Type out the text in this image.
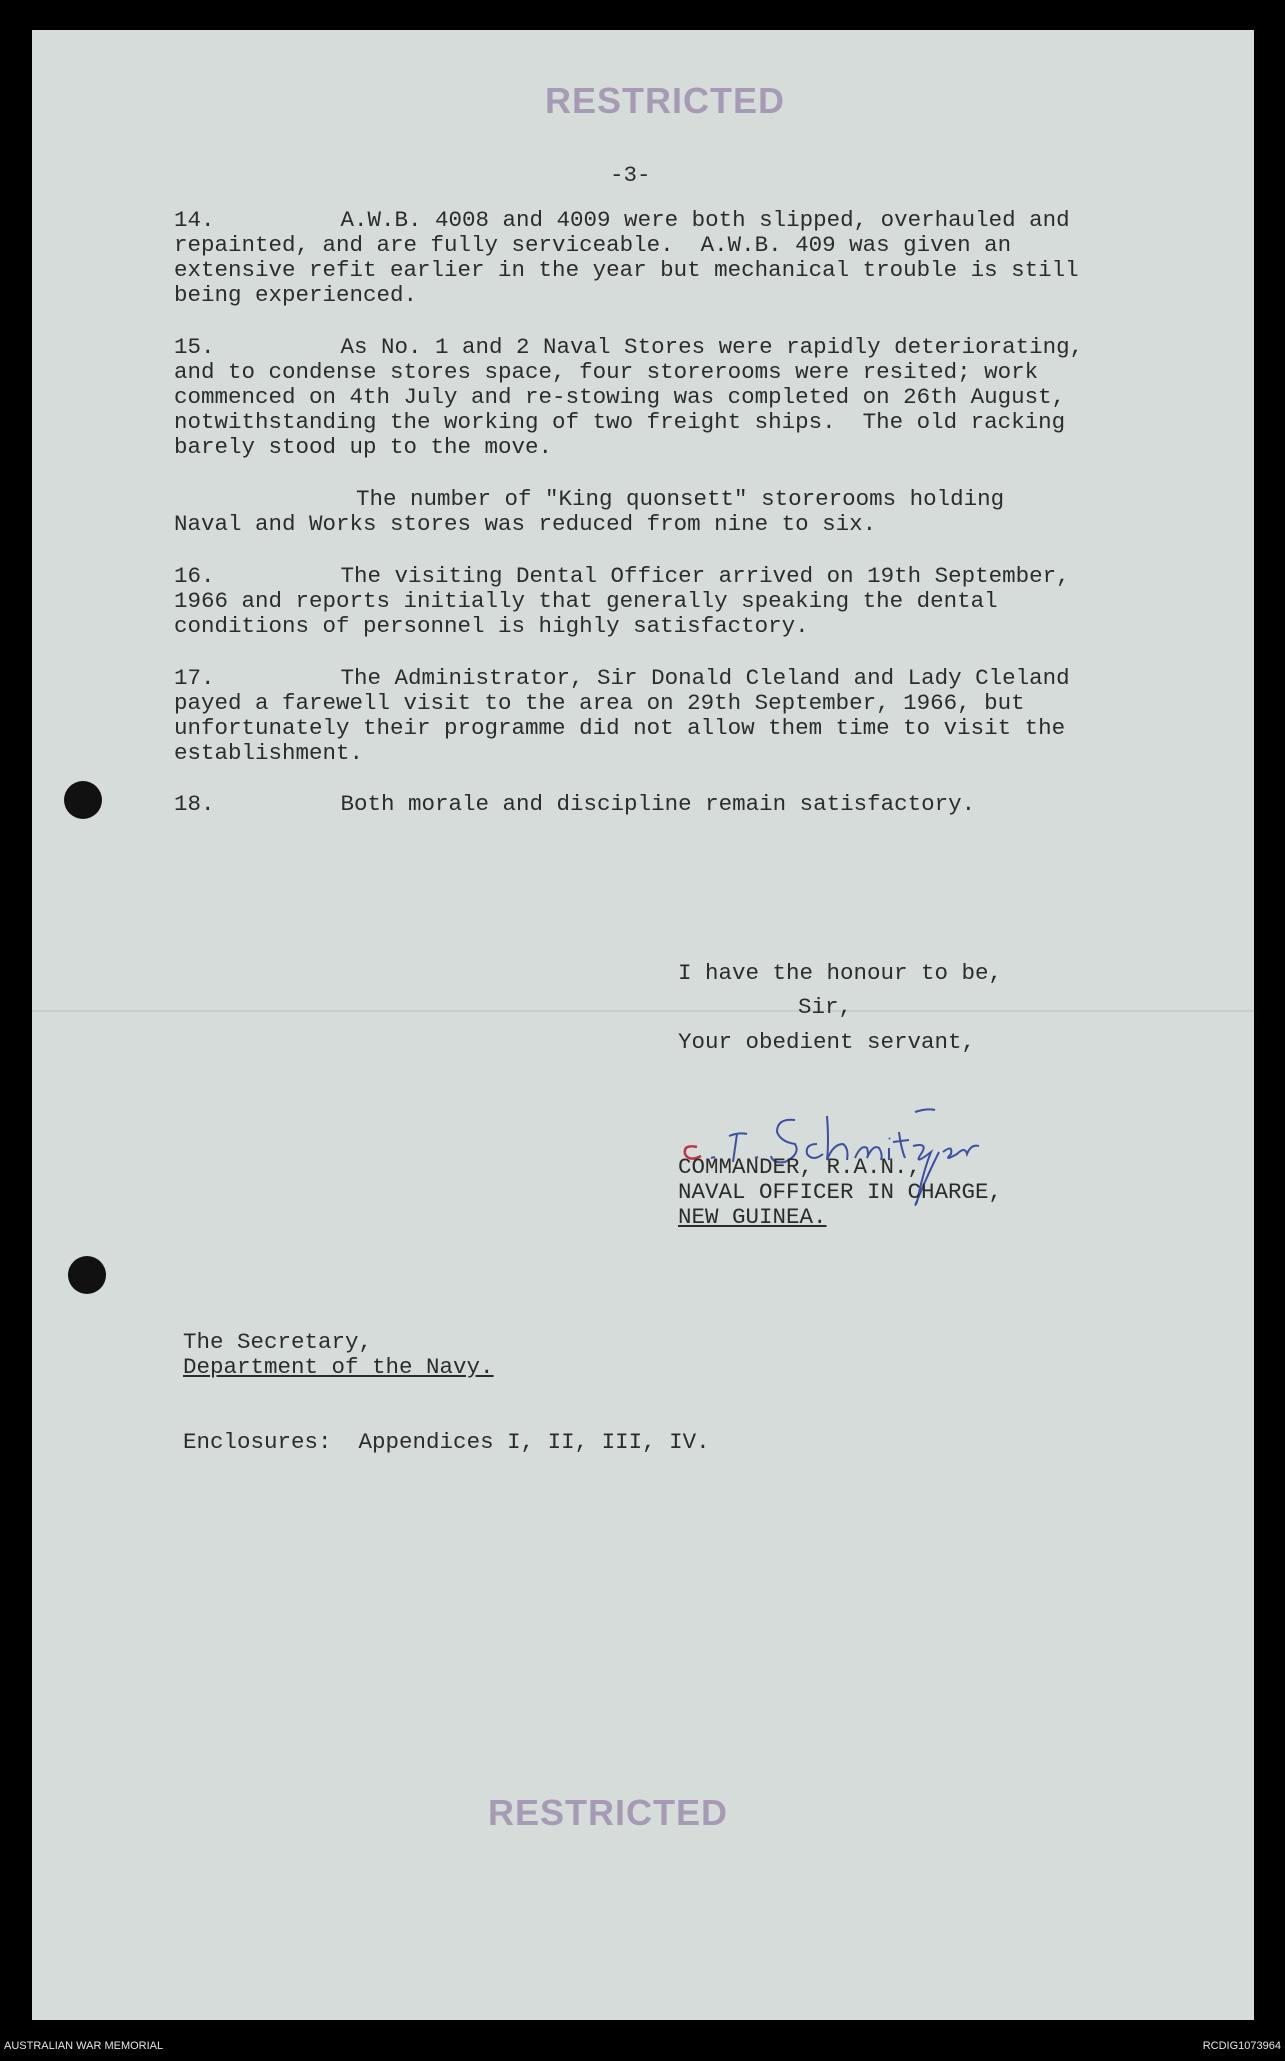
RESTRICTED
-3-
14.	A.W.B. 4008 and 4009 were both slipped, overhauled and
repainted, and are fully serviceable.  A.W.B. 409 was given an
extensive refit earlier in the year but mechanical trouble is still
being experienced.
15.	As No. 1 and 2 Naval Stores were rapidly deteriorating,
and to condense stores space, four storerooms were resited; work
commenced on 4th July and re-stowing was completed on 26th August,
notwithstanding the working of two freight ships.  The old racking
barely stood up to the move.
The number of "King quonsett" storerooms holding
Naval and Works stores was reduced from nine to six.
16.	The visiting Dental Officer arrived on 19th September,
1966 and reports initially that generally speaking the dental
conditions of personnel is highly satisfactory.
17.	The Administrator, Sir Donald Cleland and Lady Cleland
payed a farewell visit to the area on 29th September, 1966, but
unfortunately their programme did not allow them time to visit the
establishment.
18.	Both morale and discipline remain satisfactory.
I have the honour to be,
Sir,
Your obedient servant,
COMMANDER, R.A.N.,
NAVAL OFFICER IN CHARGE,
NEW GUINEA.
The Secretary,
Department of the Navy.
Enclosures: Appendices I, II, III, IV.
RESTRICTED
AUSTRALIAN WAR MEMORIAL	RCDIG1073964
